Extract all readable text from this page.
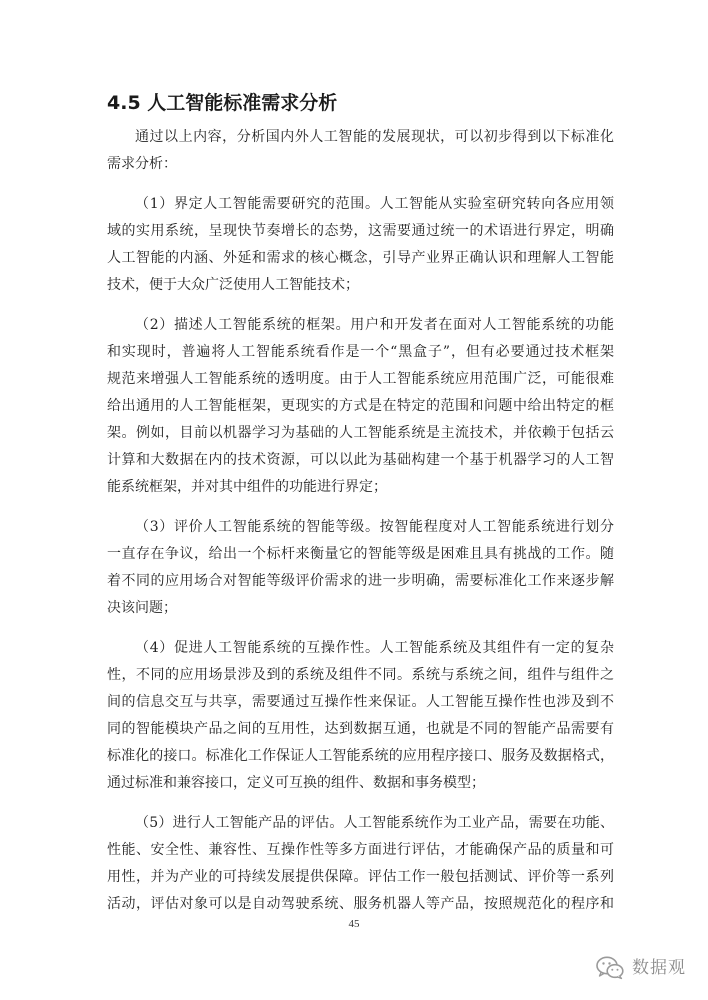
4.5 人工智能标准需求分析
通过以上内容，分析国内外人工智能的发展现状，可以初步得到以下标准化
需求分析：
（1）界定人工智能需要研究的范围。人工智能从实验室研究转向各应用领
域的实用系统，呈现快节奏增长的态势，这需要通过统一的术语进行界定，明确
人工智能的内涵、外延和需求的核心概念，引导产业界正确认识和理解人工智能
技术，便于大众广泛使用人工智能技术；
（2）描述人工智能系统的框架。用户和开发者在面对人工智能系统的功能
和实现时，普遍将人工智能系统看作是一个“黑盒子”，但有必要通过技术框架
规范来增强人工智能系统的透明度。由于人工智能系统应用范围广泛，可能很难
给出通用的人工智能框架，更现实的方式是在特定的范围和问题中给出特定的框
架。例如，目前以机器学习为基础的人工智能系统是主流技术，并依赖于包括云
计算和大数据在内的技术资源，可以以此为基础构建一个基于机器学习的人工智
能系统框架，并对其中组件的功能进行界定；
（3）评价人工智能系统的智能等级。按智能程度对人工智能系统进行划分
一直存在争议，给出一个标杆来衡量它的智能等级是困难且具有挑战的工作。随
着不同的应用场合对智能等级评价需求的进一步明确，需要标准化工作来逐步解
决该问题；
（4）促进人工智能系统的互操作性。人工智能系统及其组件有一定的复杂
性，不同的应用场景涉及到的系统及组件不同。系统与系统之间，组件与组件之
间的信息交互与共享，需要通过互操作性来保证。人工智能互操作性也涉及到不
同的智能模块产品之间的互用性，达到数据互通，也就是不同的智能产品需要有
标准化的接口。标准化工作保证人工智能系统的应用程序接口、服务及数据格式，
通过标准和兼容接口，定义可互换的组件、数据和事务模型；
（5）进行人工智能产品的评估。人工智能系统作为工业产品，需要在功能、
性能、安全性、兼容性、互操作性等多方面进行评估，才能确保产品的质量和可
用性，并为产业的可持续发展提供保障。评估工作一般包括测试、评价等一系列
活动，评估对象可以是自动驾驶系统、服务机器人等产品，按照规范化的程序和
45
数据观
